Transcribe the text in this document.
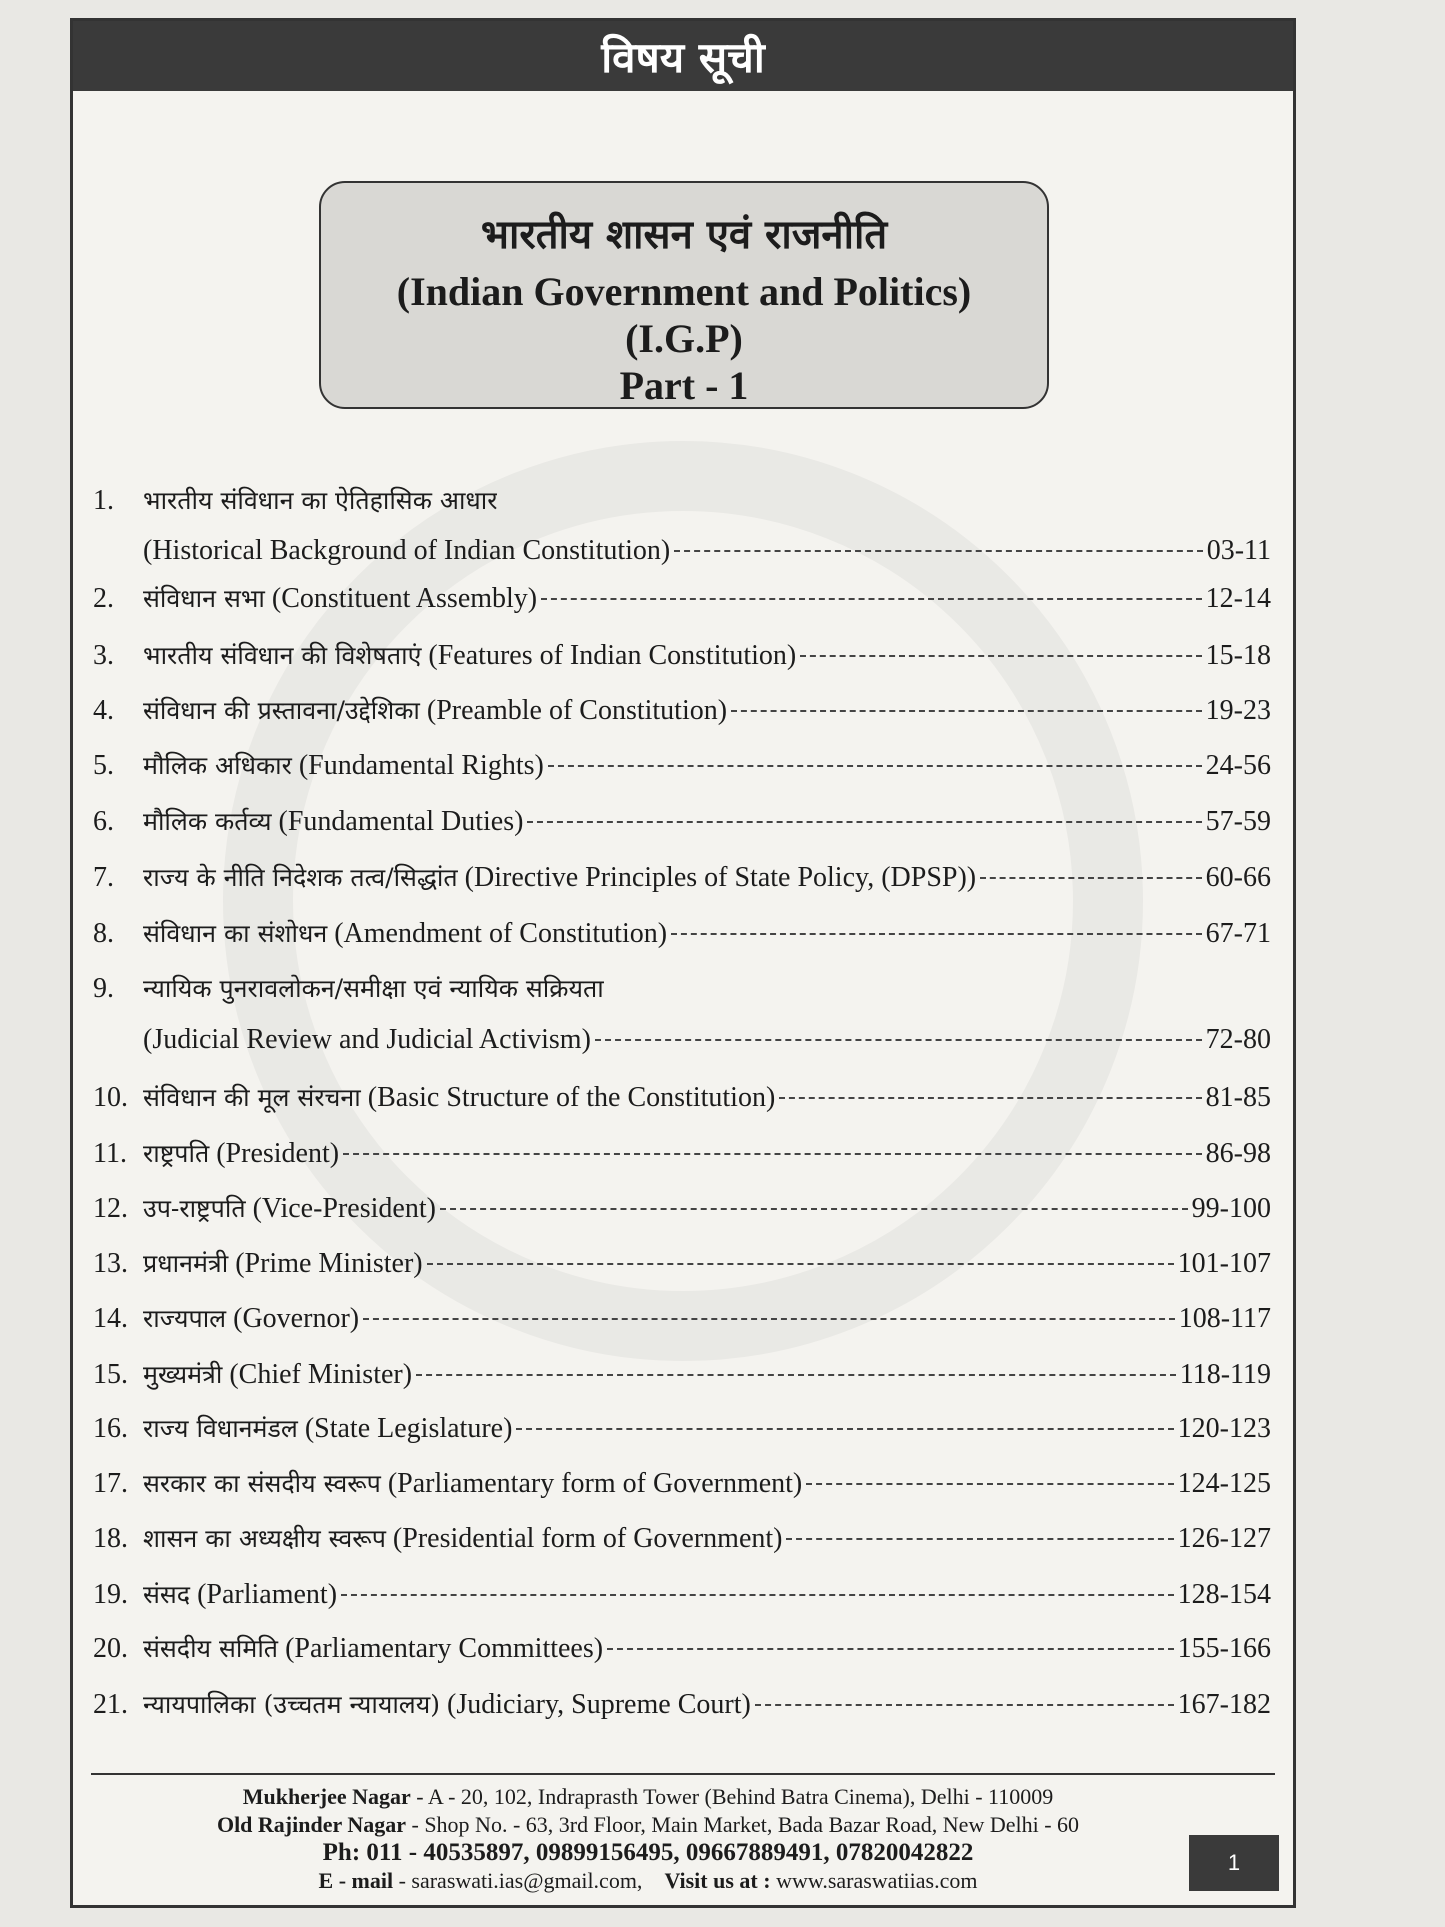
विषय सूची
भारतीय शासन एवं राजनीति
(Indian Government and Politics)
(I.G.P)
Part - 1
1.	भारतीय संविधान का ऐतिहासिक आधार
(Historical Background of Indian Constitution)	03-11
2.	संविधान सभा (Constituent Assembly)	12-14
3.	भारतीय संविधान की विशेषताएं (Features of Indian Constitution)	15-18
4.	संविधान की प्रस्तावना/उद्देशिका (Preamble of Constitution)	19-23
5.	मौलिक अधिकार (Fundamental Rights)	24-56
6.	मौलिक कर्तव्य (Fundamental Duties)	57-59
7.	राज्य के नीति निदेशक तत्व/सिद्धांत (Directive Principles of State Policy, (DPSP))	60-66
8.	संविधान का संशोधन (Amendment of Constitution)	67-71
9.	न्यायिक पुनरावलोकन/समीक्षा एवं न्यायिक सक्रियता
(Judicial Review and Judicial Activism)	72-80
10. संविधान की मूल संरचना (Basic Structure of the Constitution)	81-85
11. राष्ट्रपति (President)	86-98
12. उप-राष्ट्रपति (Vice-President)	99-100
13. प्रधानमंत्री (Prime Minister)	101-107
14. राज्यपाल (Governor)	108-117
15. मुख्यमंत्री (Chief Minister)	118-119
16. राज्य विधानमंडल (State Legislature)	120-123
17. सरकार का संसदीय स्वरूप (Parliamentary form of Government)	124-125
18. शासन का अध्यक्षीय स्वरूप (Presidential form of Government)	126-127
19. संसद (Parliament)	128-154
20. संसदीय समिति (Parliamentary Committees)	155-166
21. न्यायपालिका (उच्चतम न्यायालय) (Judiciary, Supreme Court)	167-182
Mukherjee Nagar - A - 20, 102, Indraprasth Tower (Behind Batra Cinema), Delhi - 110009
Old Rajinder Nagar - Shop No. - 63, 3rd Floor, Main Market, Bada Bazar Road, New Delhi - 60
Ph: 011 - 40535897, 09899156495, 09667889491, 07820042822
E - mail - saraswati.ias@gmail.com, Visit us at : www.saraswatiias.com
1
